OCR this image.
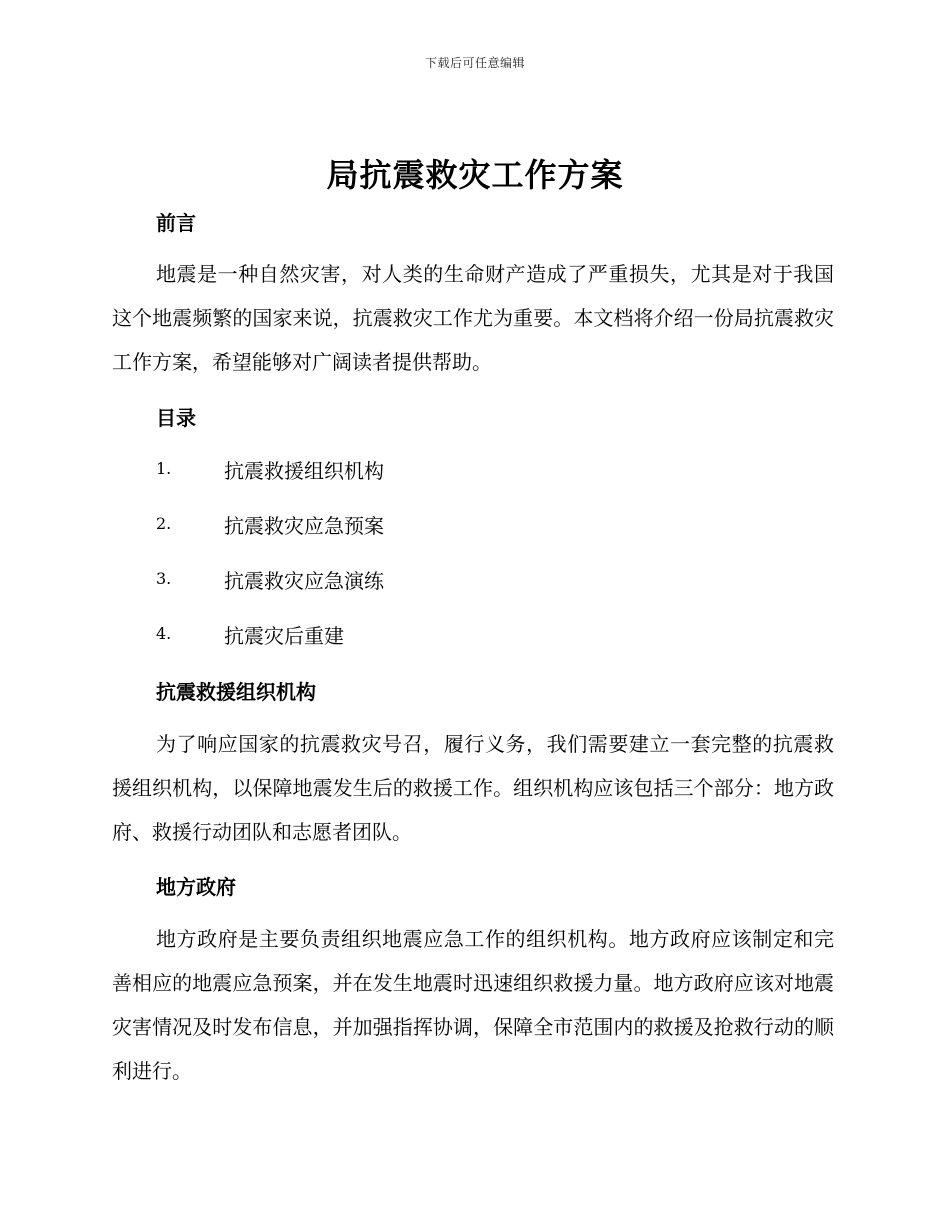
下载后可任意编辑
局抗震救灾工作方案
前言
地震是一种自然灾害，对人类的生命财产造成了严重损失，尤其是对于我国这个地震频繁的国家来说，抗震救灾工作尤为重要。本文档将介绍一份局抗震救灾工作方案，希望能够对广阔读者提供帮助。
目录
1.	抗震救援组织机构
2.	抗震救灾应急预案
3.	抗震救灾应急演练
4.	抗震灾后重建
抗震救援组织机构
为了响应国家的抗震救灾号召，履行义务，我们需要建立一套完整的抗震救援组织机构，以保障地震发生后的救援工作。组织机构应该包括三个部分：地方政府、救援行动团队和志愿者团队。
地方政府
地方政府是主要负责组织地震应急工作的组织机构。地方政府应该制定和完善相应的地震应急预案，并在发生地震时迅速组织救援力量。地方政府应该对地震灾害情况及时发布信息，并加强指挥协调，保障全市范围内的救援及抢救行动的顺利进行。
